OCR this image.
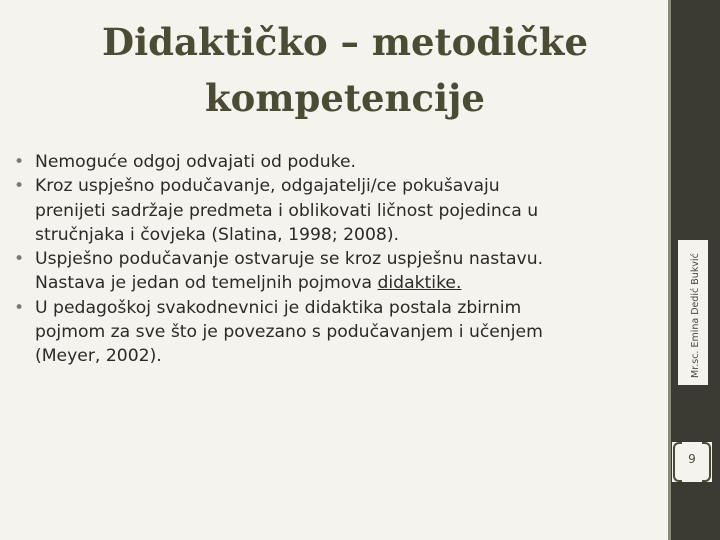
Didaktičko – metodičke
kompetencije
• Nemoguće odgoj odvajati od poduke.
• Kroz uspješno podučavanje, odgajatelji/ce pokušavaju
prenijeti sadržaje predmeta i oblikovati ličnost pojedinca u
stručnjaka i čovjeka (Slatina, 1998; 2008).
• Uspješno podučavanje ostvaruje se kroz uspješnu nastavu.
Nastava je jedan od temeljnih pojmova didaktike.
• U pedagoškoj svakodnevnici je didaktika postala zbirnim
pojmom za sve što je povezano s podučavanjem i učenjem
(Meyer, 2002).
9
